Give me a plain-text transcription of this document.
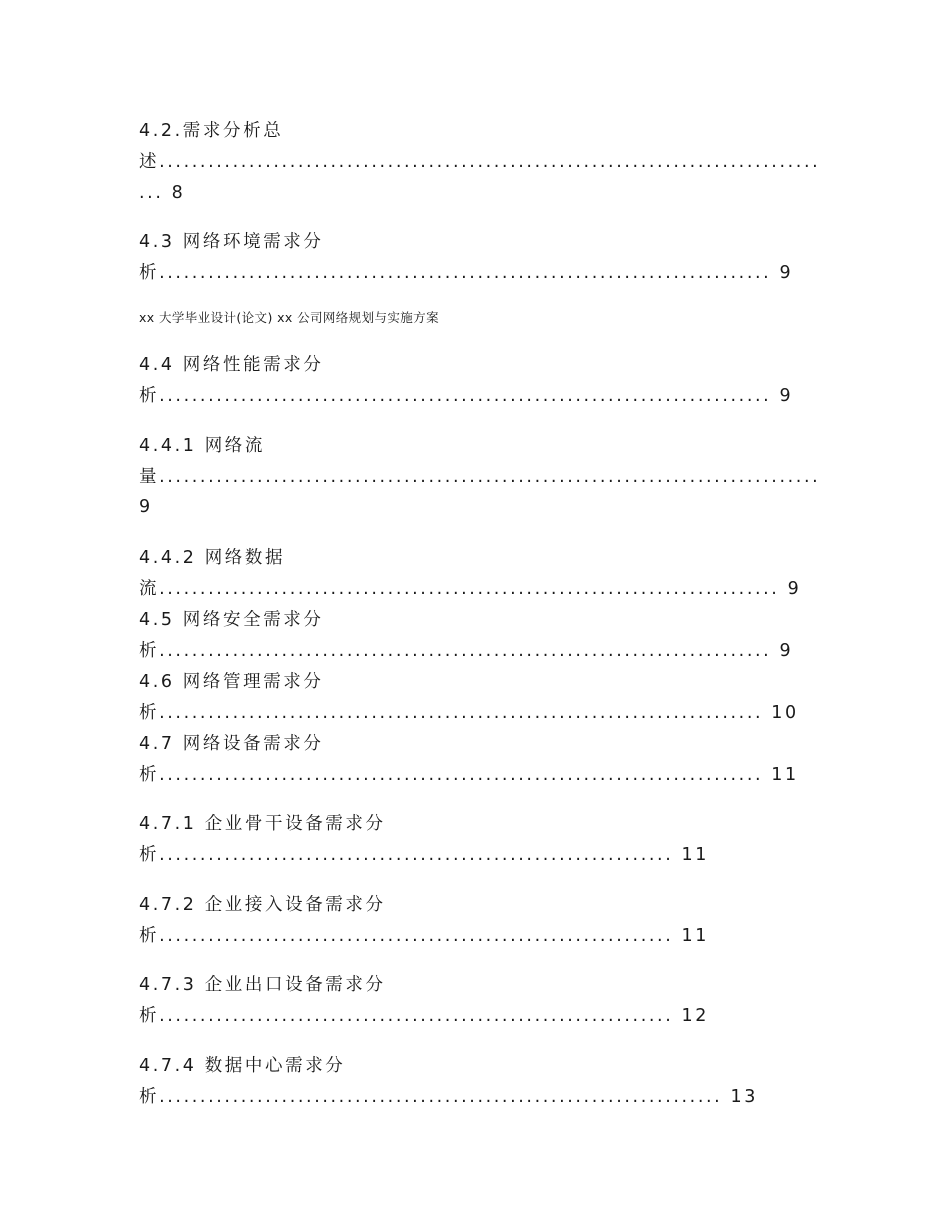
4.2.需求分析总

述.................................................................................

... 8

4.3 网络环境需求分

析........................................................................... 9

xx 大学毕业设计(论文) xx 公司网络规划与实施方案

4.4 网络性能需求分

析........................................................................... 9

4.4.1 网络流

量.................................................................................

9

4.4.2 网络数据

流............................................................................ 9

4.5 网络安全需求分

析........................................................................... 9

4.6 网络管理需求分

析.......................................................................... 10

4.7 网络设备需求分

析.......................................................................... 11

4.7.1 企业骨干设备需求分

析............................................................... 11

4.7.2 企业接入设备需求分

析............................................................... 11

4.7.3 企业出口设备需求分

析............................................................... 12

4.7.4 数据中心需求分

析..................................................................... 13
